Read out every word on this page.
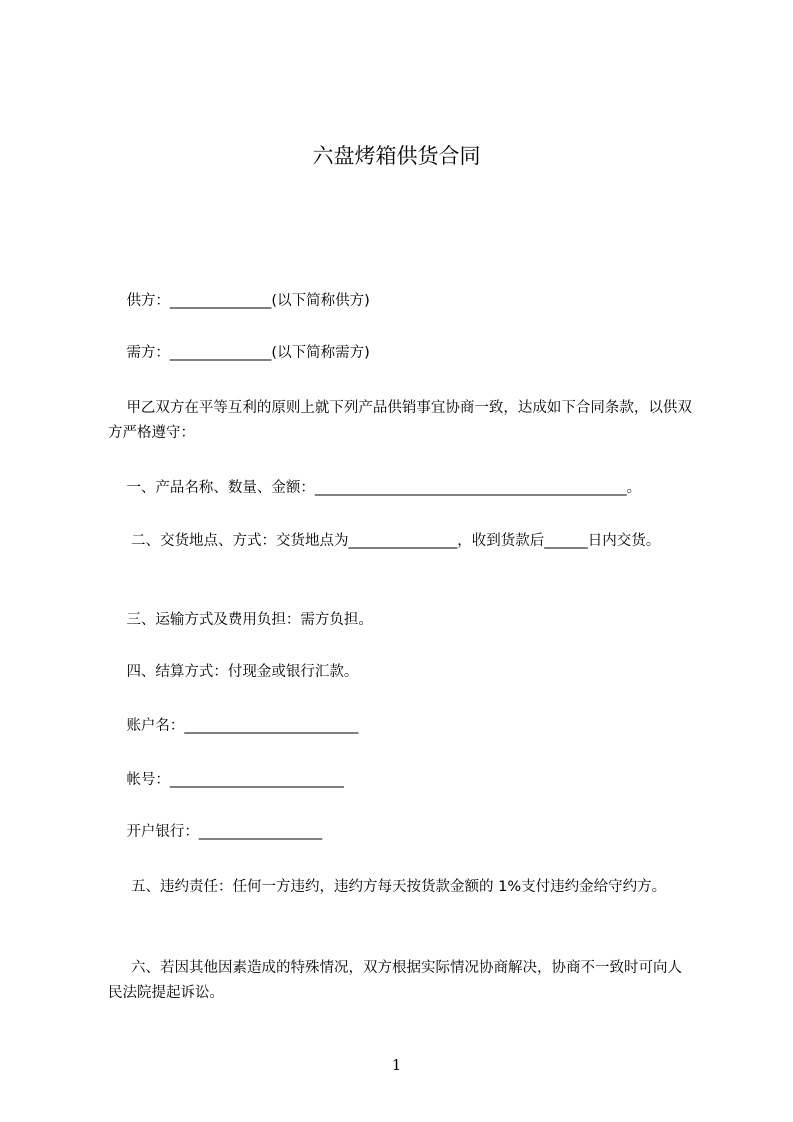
六盘烤箱供货合同

供方：______________(以下简称供方)

需方：______________(以下简称需方)

甲乙双方在平等互利的原则上就下列产品供销事宜协商一致，达成如下合同条款，以供双方严格遵守：

一、产品名称、数量、金额：___________________________________________。

二、交货地点、方式：交货地点为_______________，收到货款后______日内交货。

三、运输方式及费用负担：需方负担。

四、结算方式：付现金或银行汇款。

账户名：________________________

帐号：________________________

开户银行：_________________

五、违约责任：任何一方违约，违约方每天按货款金额的 1%支付违约金给守约方。

六、若因其他因素造成的特殊情况，双方根据实际情况协商解决，协商不一致时可向人民法院提起诉讼。

1
